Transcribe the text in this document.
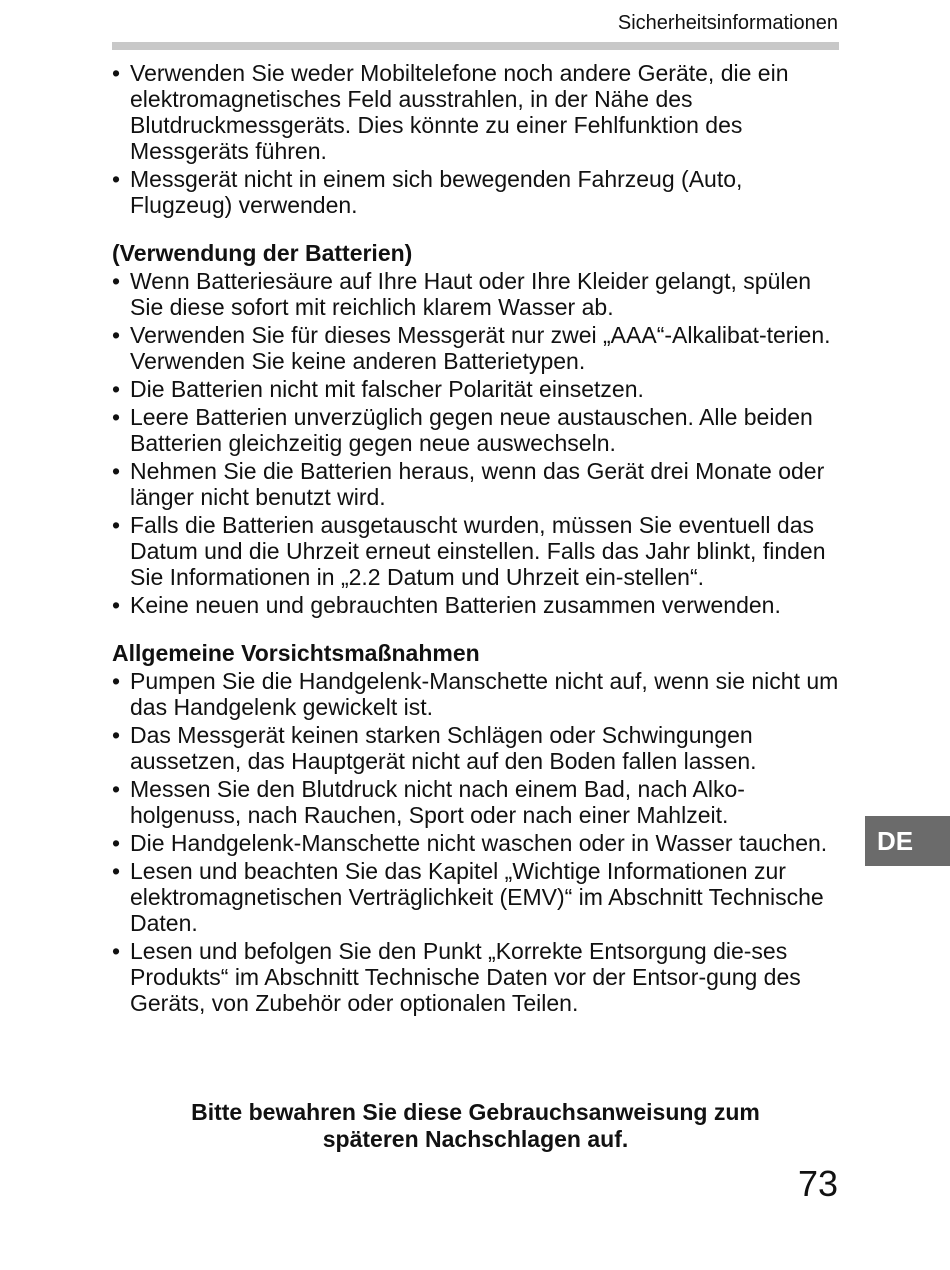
Sicherheitsinformationen
• Verwenden Sie weder Mobiltelefone noch andere Geräte, die ein elektromagnetisches Feld ausstrahlen, in der Nähe des Blutdruckmessgeräts. Dies könnte zu einer Fehlfunktion des Messgeräts führen.
• Messgerät nicht in einem sich bewegenden Fahrzeug (Auto, Flugzeug) verwenden.
(Verwendung der Batterien)
• Wenn Batteriesäure auf Ihre Haut oder Ihre Kleider gelangt, spülen Sie diese sofort mit reichlich klarem Wasser ab.
• Verwenden Sie für dieses Messgerät nur zwei „AAA“-Alkalibat-terien. Verwenden Sie keine anderen Batterietypen.
• Die Batterien nicht mit falscher Polarität einsetzen.
• Leere Batterien unverzüglich gegen neue austauschen. Alle beiden Batterien gleichzeitig gegen neue auswechseln.
• Nehmen Sie die Batterien heraus, wenn das Gerät drei Monate oder länger nicht benutzt wird.
• Falls die Batterien ausgetauscht wurden, müssen Sie eventuell das Datum und die Uhrzeit erneut einstellen. Falls das Jahr blinkt, finden Sie Informationen in „2.2 Datum und Uhrzeit ein-stellen“.
• Keine neuen und gebrauchten Batterien zusammen verwenden.
Allgemeine Vorsichtsmaßnahmen
• Pumpen Sie die Handgelenk-Manschette nicht auf, wenn sie nicht um das Handgelenk gewickelt ist.
• Das Messgerät keinen starken Schlägen oder Schwingungen aussetzen, das Hauptgerät nicht auf den Boden fallen lassen.
• Messen Sie den Blutdruck nicht nach einem Bad, nach Alko-holgenuss, nach Rauchen, Sport oder nach einer Mahlzeit.
• Die Handgelenk-Manschette nicht waschen oder in Wasser tauchen.
• Lesen und beachten Sie das Kapitel „Wichtige Informationen zur elektromagnetischen Verträglichkeit (EMV)“ im Abschnitt Technische Daten.
• Lesen und befolgen Sie den Punkt „Korrekte Entsorgung die-ses Produkts“ im Abschnitt Technische Daten vor der Entsor-gung des Geräts, von Zubehör oder optionalen Teilen.
Bitte bewahren Sie diese Gebrauchsanweisung zum
späteren Nachschlagen auf.
73
DE
